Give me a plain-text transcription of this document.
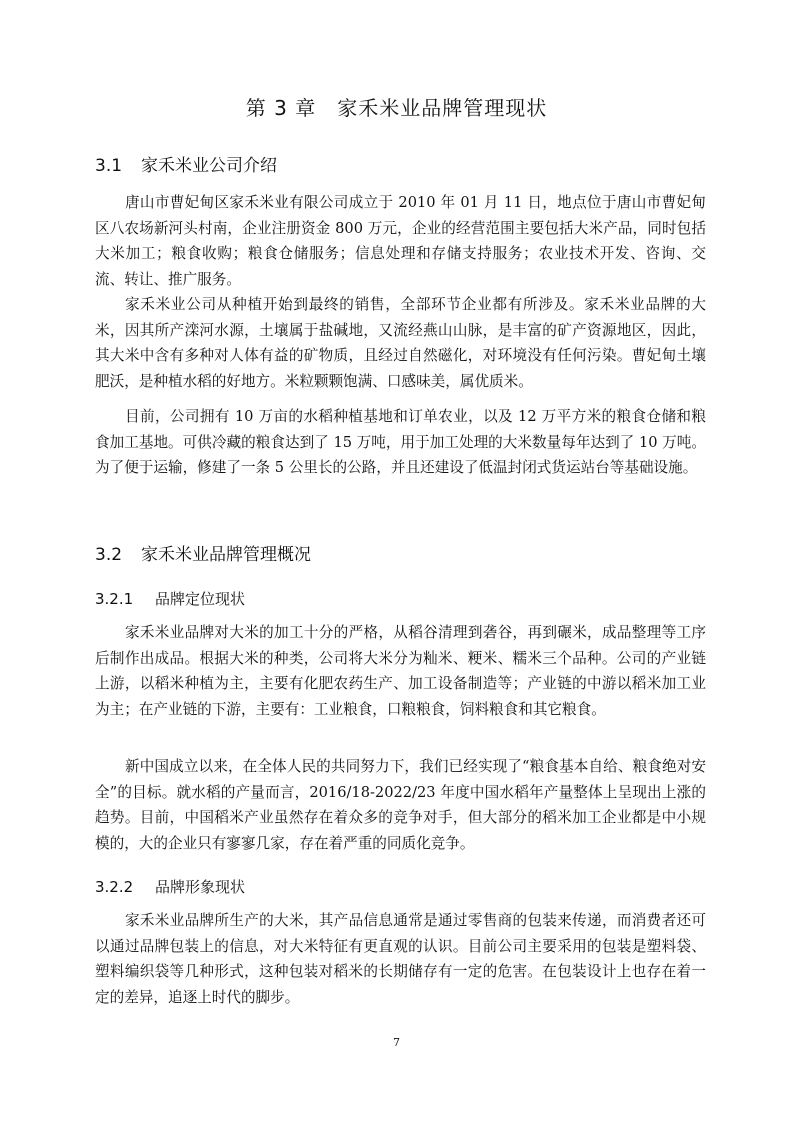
第 3 章　家禾米业品牌管理现状
3.1 家禾米业公司介绍

唐山市曹妃甸区家禾米业有限公司成立于 2010 年 01 月 11 日，地点位于唐山市曹妃甸区八农场新河头村南，企业注册资金 800 万元，企业的经营范围主要包括大米产品，同时包括大米加工；粮食收购；粮食仓储服务；信息处理和存储支持服务；农业技术开发、咨询、交流、转让、推广服务。

家禾米业公司从种植开始到最终的销售，全部环节企业都有所涉及。家禾米业品牌的大米，因其所产滦河水源，土壤属于盐碱地，又流经燕山山脉，是丰富的矿产资源地区，因此，其大米中含有多种对人体有益的矿物质，且经过自然磁化，对环境没有任何污染。曹妃甸土壤肥沃，是种植水稻的好地方。米粒颗颗饱满、口感味美，属优质米。

目前，公司拥有 10 万亩的水稻种植基地和订单农业，以及 12 万平方米的粮食仓储和粮食加工基地。可供冷藏的粮食达到了 15 万吨，用于加工处理的大米数量每年达到了 10 万吨。为了便于运输，修建了一条 5 公里长的公路，并且还建设了低温封闭式货运站台等基础设施。

3.2 家禾米业品牌管理概况
3.2.1 品牌定位现状

家禾米业品牌对大米的加工十分的严格，从稻谷清理到砻谷，再到碾米，成品整理等工序后制作出成品。根据大米的种类，公司将大米分为籼米、粳米、糯米三个品种。公司的产业链上游，以稻米种植为主，主要有化肥农药生产、加工设备制造等；产业链的中游以稻米加工业为主；在产业链的下游，主要有：工业粮食，口粮粮食，饲料粮食和其它粮食。

新中国成立以来，在全体人民的共同努力下，我们已经实现了“粮食基本自给、粮食绝对安全”的目标。就水稻的产量而言，2016/18-2022/23 年度中国水稻年产量整体上呈现出上涨的趋势。目前，中国稻米产业虽然存在着众多的竞争对手，但大部分的稻米加工企业都是中小规模的，大的企业只有寥寥几家，存在着严重的同质化竞争。

3.2.2 品牌形象现状

家禾米业品牌所生产的大米，其产品信息通常是通过零售商的包装来传递，而消费者还可以通过品牌包装上的信息，对大米特征有更直观的认识。目前公司主要采用的包装是塑料袋、塑料编织袋等几种形式，这种包装对稻米的长期储存有一定的危害。在包装设计上也存在着一定的差异，追逐上时代的脚步。

7
